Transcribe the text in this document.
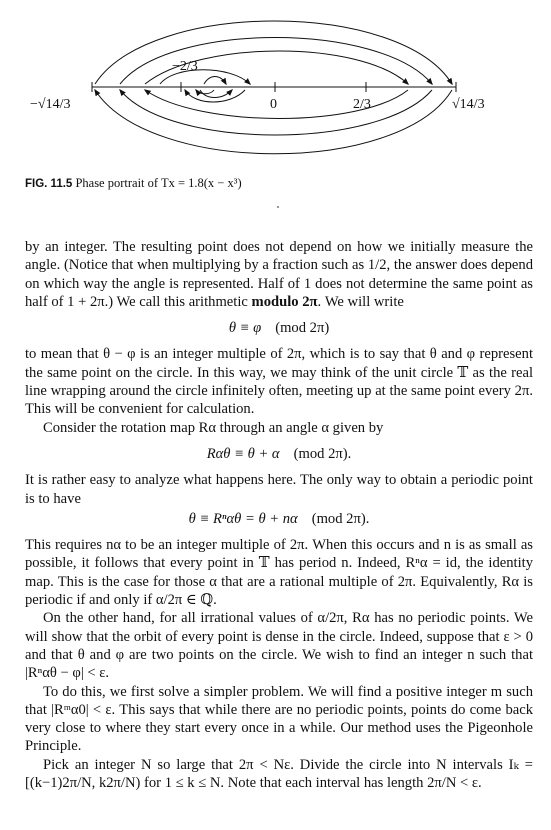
−√14/3
−2/3
0	2/3	√14/3
FIG. 11.5 Phase portrait of Tx = 1.8(x − x³)

by an integer. The resulting point does not depend on how we initially measure the angle. (Notice that when multiplying by a fraction such as 1/2, the answer does depend on which way the angle is represented. Half of 1 does not determine the same point as half of 1 + 2π.) We call this arithmetic modulo 2π. We will write

θ ≡ φ (mod 2π)

to mean that θ − φ is an integer multiple of 2π, which is to say that θ and φ represent the same point on the circle. In this way, we may think of the unit circle 𝕋 as the real line wrapping around the circle infinitely often, meeting up at the same point every 2π. This will be convenient for calculation.

Consider the rotation map Rα through an angle α given by

Rαθ ≡ θ + α (mod 2π).

It is rather easy to analyze what happens here. The only way to obtain a periodic point is to have

θ ≡ Rⁿαθ = θ + nα (mod 2π).

This requires nα to be an integer multiple of 2π. When this occurs and n is as small as possible, it follows that every point in 𝕋 has period n. Indeed, Rⁿα = id, the identity map. This is the case for those α that are a rational multiple of 2π. Equivalently, Rα is periodic if and only if α/2π ∈ ℚ.

On the other hand, for all irrational values of α/2π, Rα has no periodic points. We will show that the orbit of every point is dense in the circle. Indeed, suppose that ε > 0 and that θ and φ are two points on the circle. We wish to find an integer n such that |Rⁿαθ − φ| < ε.

To do this, we first solve a simpler problem. We will find a positive integer m such that |Rᵐα0| < ε. This says that while there are no periodic points, points do come back very close to where they start every once in a while. Our method uses the Pigeonhole Principle.

Pick an integer N so large that 2π < Nε. Divide the circle into N intervals Iₖ = [(k−1)2π/N, k2π/N) for 1 ≤ k ≤ N. Note that each interval has length 2π/N < ε.
